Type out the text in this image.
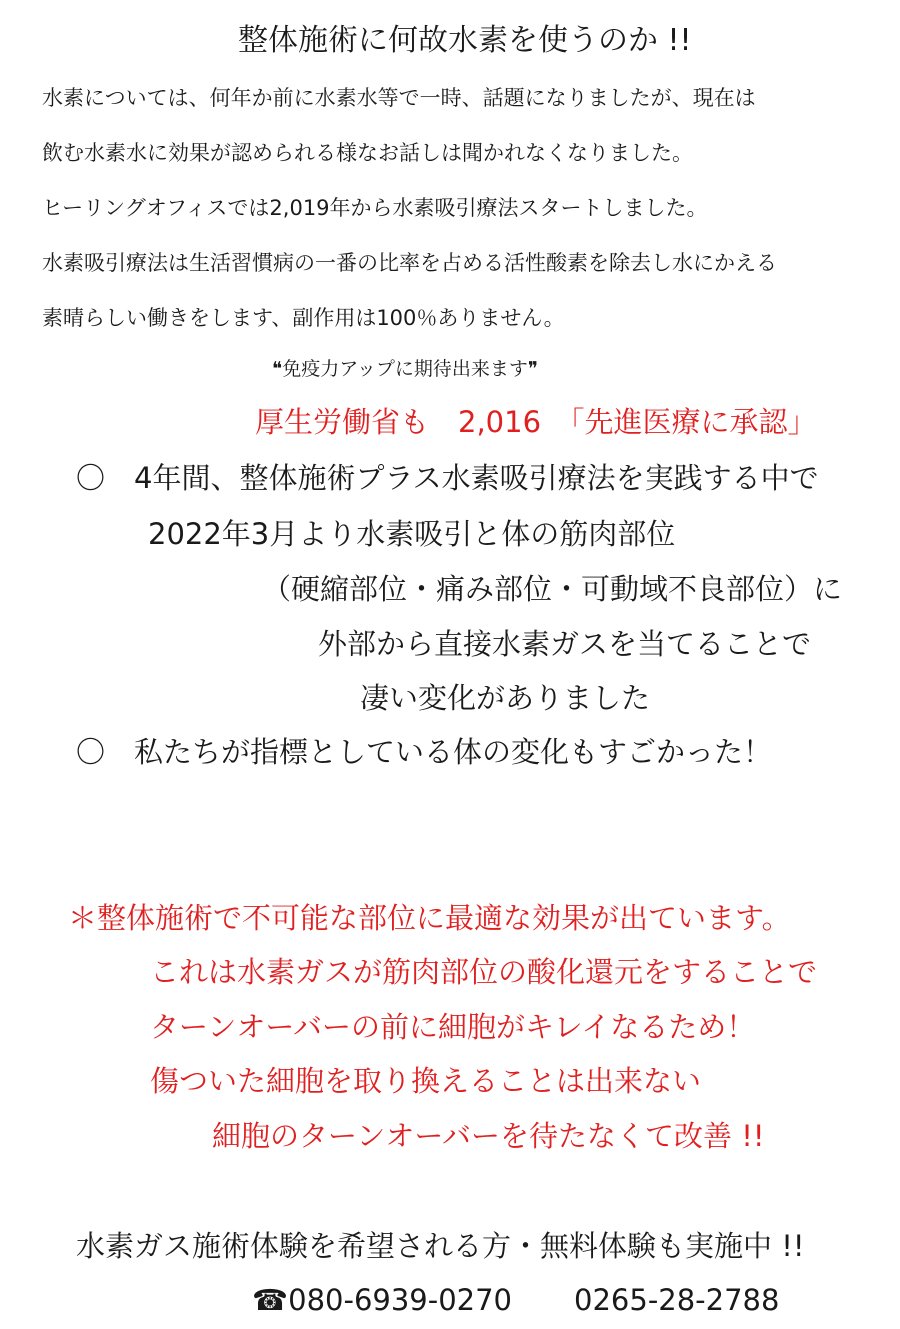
整体施術に何故水素を使うのか !!
水素については、何年か前に水素水等で一時、話題になりましたが、現在は
飲む水素水に効果が認められる様なお話しは聞かれなくなりました。
ヒーリングオフィスでは2,019年から水素吸引療法スタートしました。
水素吸引療法は生活習慣病の一番の比率を占める活性酸素を除去し水にかえる
素晴らしい働きをします、副作用は100％ありません。
❝免疫力アップに期待出来ます❞
厚生労働省も　2,016　「先進医療に承認」
〇　4年間、整体施術プラス水素吸引療法を実践する中で
2022年3月より水素吸引と体の筋肉部位
（硬縮部位・痛み部位・可動域不良部位）に
外部から直接水素ガスを当てることで
凄い変化がありました
〇　私たちが指標としている体の変化もすごかった！
＊整体施術で不可能な部位に最適な効果が出ています。
これは水素ガスが筋肉部位の酸化還元をすることで
ターンオーバーの前に細胞がキレイなるため！
傷ついた細胞を取り換えることは出来ない
細胞のターンオーバーを待たなくて改善 !!
水素ガス施術体験を希望される方・無料体験も実施中 !!
☎080-6939-0270 0265-28-2788
